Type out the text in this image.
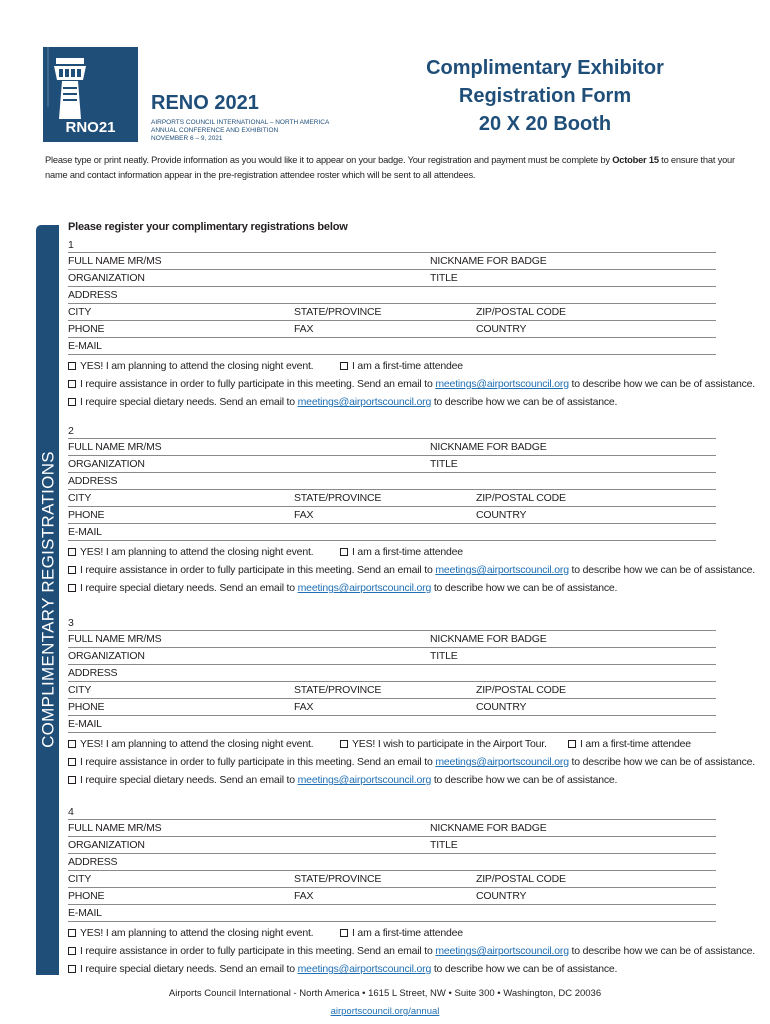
RNO21
RENO 2021
AIRPORTS COUNCIL INTERNATIONAL – NORTH AMERICA
ANNUAL CONFERENCE AND EXHIBITION
NOVEMBER 6 – 9, 2021
Complimentary Exhibitor
Registration Form
20 X 20 Booth
Please type or print neatly. Provide information as you would like it to appear on your badge. Your registration and payment must be complete by October 15 to ensure that your name and contact information appear in the pre-registration attendee roster which will be sent to all attendees.
COMPLIMENTARY REGISTRATIONS
Please register your complimentary registrations below
1
FULL NAME MR/MS	NICKNAME FOR BADGE
ORGANIZATION	TITLE
ADDRESS
CITY	STATE/PROVINCE	ZIP/POSTAL CODE
PHONE	FAX	COUNTRY
E-MAIL
YES! I am planning to attend the closing night event.	I am a first-time attendee
I require assistance in order to fully participate in this meeting. Send an email to meetings@airportscouncil.org to describe how we can be of assistance.
I require special dietary needs. Send an email to meetings@airportscouncil.org to describe how we can be of assistance.
2
FULL NAME MR/MS	NICKNAME FOR BADGE
ORGANIZATION	TITLE
ADDRESS
CITY	STATE/PROVINCE	ZIP/POSTAL CODE
PHONE	FAX	COUNTRY
E-MAIL
YES! I am planning to attend the closing night event.	I am a first-time attendee
I require assistance in order to fully participate in this meeting. Send an email to meetings@airportscouncil.org to describe how we can be of assistance.
I require special dietary needs. Send an email to meetings@airportscouncil.org to describe how we can be of assistance.
3
FULL NAME MR/MS	NICKNAME FOR BADGE
ORGANIZATION	TITLE
ADDRESS
CITY	STATE/PROVINCE	ZIP/POSTAL CODE
PHONE	FAX	COUNTRY
E-MAIL
YES! I am planning to attend the closing night event.	YES! I wish to participate in the Airport Tour.	I am a first-time attendee
I require assistance in order to fully participate in this meeting. Send an email to meetings@airportscouncil.org to describe how we can be of assistance.
I require special dietary needs. Send an email to meetings@airportscouncil.org to describe how we can be of assistance.
4
FULL NAME MR/MS	NICKNAME FOR BADGE
ORGANIZATION	TITLE
ADDRESS
CITY	STATE/PROVINCE	ZIP/POSTAL CODE
PHONE	FAX	COUNTRY
E-MAIL
YES! I am planning to attend the closing night event.	I am a first-time attendee
I require assistance in order to fully participate in this meeting. Send an email to meetings@airportscouncil.org to describe how we can be of assistance.
I require special dietary needs. Send an email to meetings@airportscouncil.org to describe how we can be of assistance.
Airports Council International - North America • 1615 L Street, NW • Suite 300 • Washington, DC 20036
airportscouncil.org/annual
